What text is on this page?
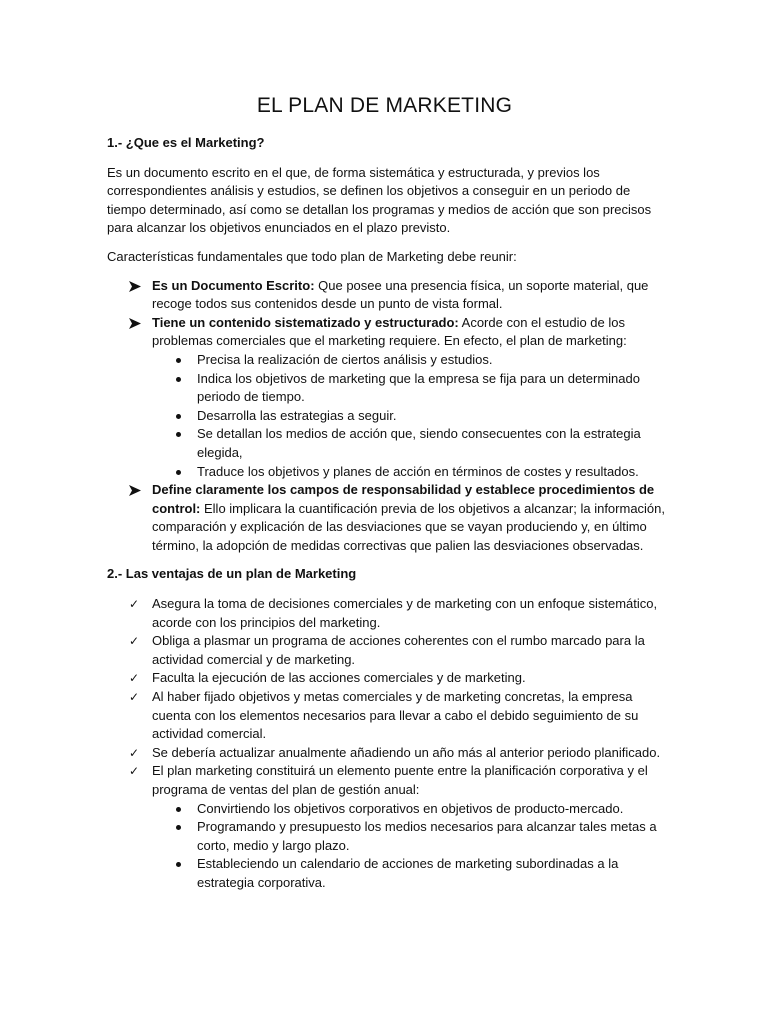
EL PLAN DE MARKETING
1.- ¿Que es el Marketing?

Es un documento escrito en el que, de forma sistemática y estructurada, y previos los correspondientes análisis y estudios, se definen los objetivos a conseguir en un periodo de tiempo determinado, así como se detallan los programas y medios de acción que son precisos para alcanzar los objetivos enunciados en el plazo previsto.

Características fundamentales que todo plan de Marketing debe reunir:

Es un Documento Escrito: Que posee una presencia física, un soporte material, que recoge todos sus contenidos desde un punto de vista formal.
Tiene un contenido sistematizado y estructurado: Acorde con el estudio de los problemas comerciales que el marketing requiere. En efecto, el plan de marketing:
Precisa la realización de ciertos análisis y estudios.
Indica los objetivos de marketing que la empresa se fija para un determinado periodo de tiempo.
Desarrolla las estrategias a seguir.
Se detallan los medios de acción que, siendo consecuentes con la estrategia elegida,
Traduce los objetivos y planes de acción en términos de costes y resultados.
Define claramente los campos de responsabilidad y establece procedimientos de control: Ello implicara la cuantificación previa de los objetivos a alcanzar; la información, comparación y explicación de las desviaciones que se vayan produciendo y, en último término, la adopción de medidas correctivas que palien las desviaciones observadas.
2.- Las ventajas de un plan de Marketing
✓ Asegura la toma de decisiones comerciales y de marketing con un enfoque sistemático, acorde con los principios del marketing.
✓ Obliga a plasmar un programa de acciones coherentes con el rumbo marcado para la actividad comercial y de marketing.
✓ Faculta la ejecución de las acciones comerciales y de marketing.
✓ Al haber fijado objetivos y metas comerciales y de marketing concretas, la empresa cuenta con los elementos necesarios para llevar a cabo el debido seguimiento de su actividad comercial.
✓ Se debería actualizar anualmente añadiendo un año más al anterior periodo planificado.
✓ El plan marketing constituirá un elemento puente entre la planificación corporativa y el programa de ventas del plan de gestión anual:
Convirtiendo los objetivos corporativos en objetivos de producto-mercado.
Programando y presupuesto los medios necesarios para alcanzar tales metas a corto, medio y largo plazo.
Estableciendo un calendario de acciones de marketing subordinadas a la estrategia corporativa.
